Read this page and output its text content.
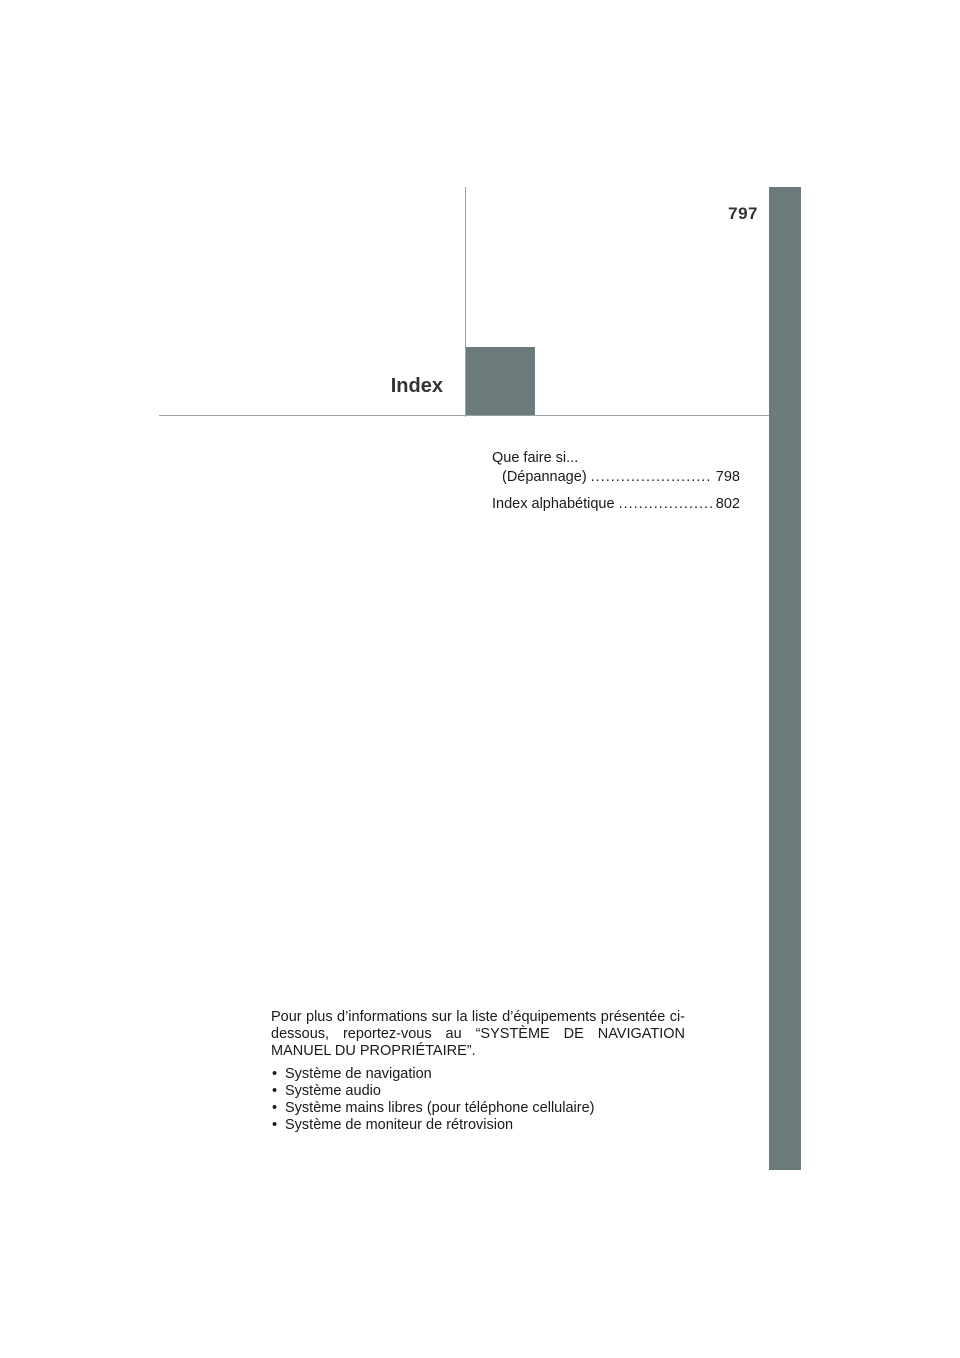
797
Index
Que faire si...
(Dépannage) .....	798
Index alphabétique .....	802

Pour plus d’informations sur la liste d’équipements présentée ci-dessous, reportez-vous au “SYSTÈME DE NAVIGATION MANUEL DU PROPRIÉTAIRE”.

• Système de navigation
• Système audio
• Système mains libres (pour téléphone cellulaire)
• Système de moniteur de rétrovision
